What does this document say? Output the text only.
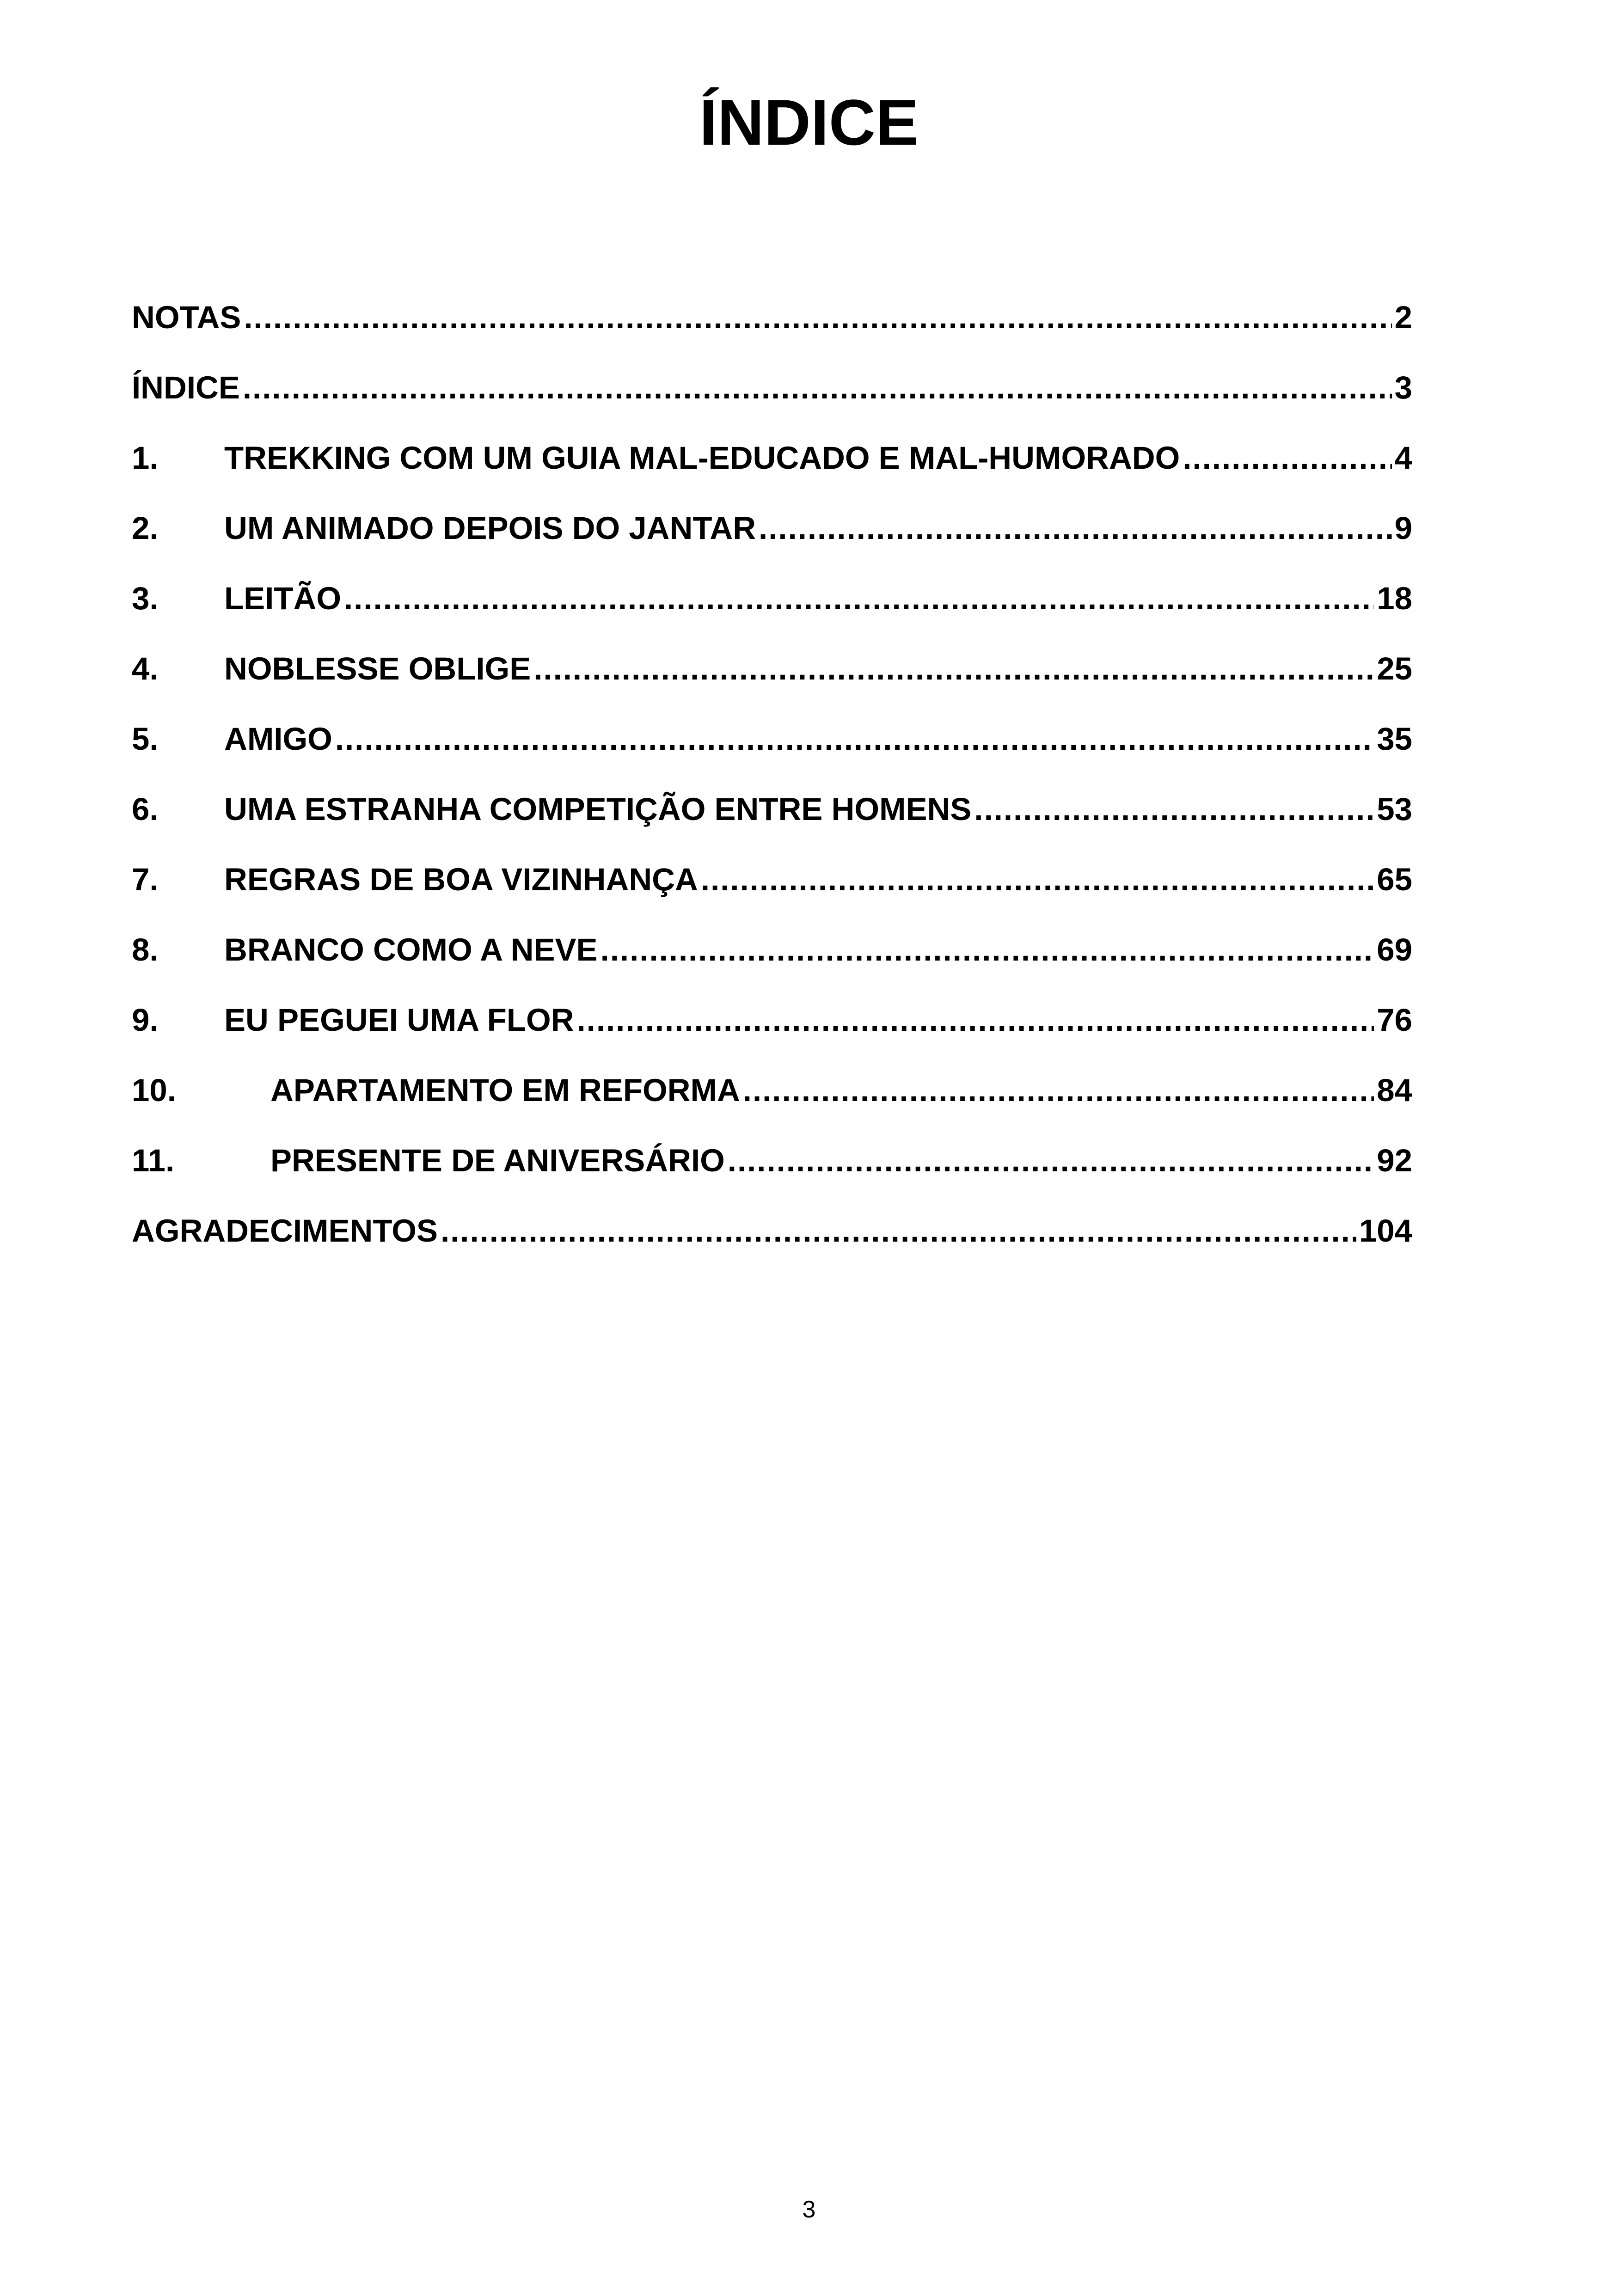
ÍNDICE
NOTAS .....	2
ÍNDICE .....	3
1.	TREKKING COM UM GUIA MAL-EDUCADO E MAL-HUMORADO .....	4
2.	UM ANIMADO DEPOIS DO JANTAR .....	9
3.	LEITÃO .....	18
4.	NOBLESSE OBLIGE .....	25
5.	AMIGO .....	35
6.	UMA ESTRANHA COMPETIÇÃO ENTRE HOMENS .....	53
7.	REGRAS DE BOA VIZINHANÇA .....	65
8.	BRANCO COMO A NEVE .....	69
9.	EU PEGUEI UMA FLOR .....	76
10.	APARTAMENTO EM REFORMA .....	84
11.	PRESENTE DE ANIVERSÁRIO .....	92
AGRADECIMENTOS .....	104
3
